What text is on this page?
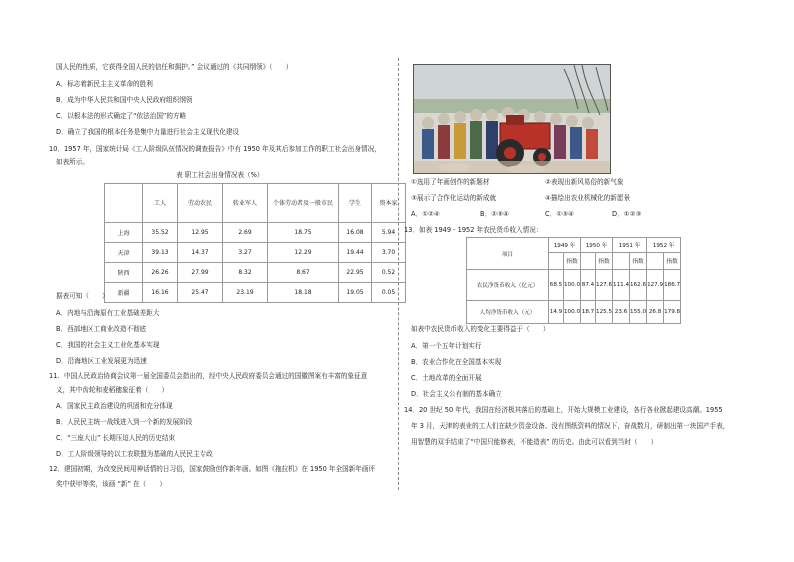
国人民的性质，它获得全国人民的信任和拥护。” 会议通过的《共同纲领》（　　）
A．标志着新民主主义革命的胜利
B．成为中华人民共和国中央人民政府组织纲领
C．以根本法的形式确定了“依法治国”的方略
D．确立了我国的根本任务是集中力量进行社会主义现代化建设
10．1957 年，国家统计局《工人阶级队伍情况的调查报告》中有 1950 年及其后参加工作的职工社会出身情况，
如表所示。
表 职工社会出身情况表（%）
	工人	劳动农民	转业军人	个体劳动者及一般市民	学生	资本家
上海	35.52	12.95	2.69	18.75	16.08	5.94
天津	39.13	14.37	3.27	12.29	19.44	3.70
陕西	26.26	27.99	8.32	8.67	22.95	0.52
新疆	16.16	25.47	23.19	18.18	19.05	0.05
据表可知（　　）
A．内地与沿海原有工业基础差距大
B．西部地区工商业改造不彻底
C．我国的社会主义工业化基本实现
D．沿海地区工业发展更为迅速
11．中国人民政治协商会议第一届全国委员会指出的，经中央人民政府委员会通过的国徽图案有丰富的象征意
义，其中齿轮和麦稻穗象征着（　　）
A．国家民主政治建设的巩固和充分体现
B．人民民主统一战线进入到一个新的发展阶段
C．“三座大山” 长期压迫人民的历史结束
D．工人阶级领导的以工农联盟为基础的人民民主专政
12．建国初期，为改变民间用神话情的日习俗，国家鼓励创作新年画。如图《拖拉机》在 1950 年全国新年画评
奖中获甲等奖，该画 “新” 在（　　）
①选用了年画创作的新题材	②表现出新风易俗的新气象
③展示了合作化运动的新成就	④描绘出农业机械化的新愿景
A．①②④	B．②③④	C．①③④	D．①②③
13．如表 1949 - 1952 年农民货币收入情况：
项目	1949 年		1950 年		1951 年		1952 年	
		指数		指数		指数		指数
农民净货币收入（亿元）	68.5	100.0	87.4	127.6	111.4	162.6	127.9	186.7
人均净货币收入（元）	14.9	100.0	18.7	125.5	23.6	155.0	26.8	179.8
如表中农民货币收入的变化主要得益于（　　）
A．第一个五年计划实行
B．农业合作化在全国基本实现
C．土地改革的全面开展
D．社会主义公有制的基本确立
14．20 世纪 50 年代，我国在经济极其落后的基础上，开始大规模工业建设，各行各业掀起建设高潮。1955
年 3 月，天津的表业的工人们在缺少资金设备、没有图纸资料的情况下，奋战数月，研制出第一块国产手表，
用智慧的双手结束了“中国只能修表，不能造表” 的历史。由此可以看到当时（　　）
